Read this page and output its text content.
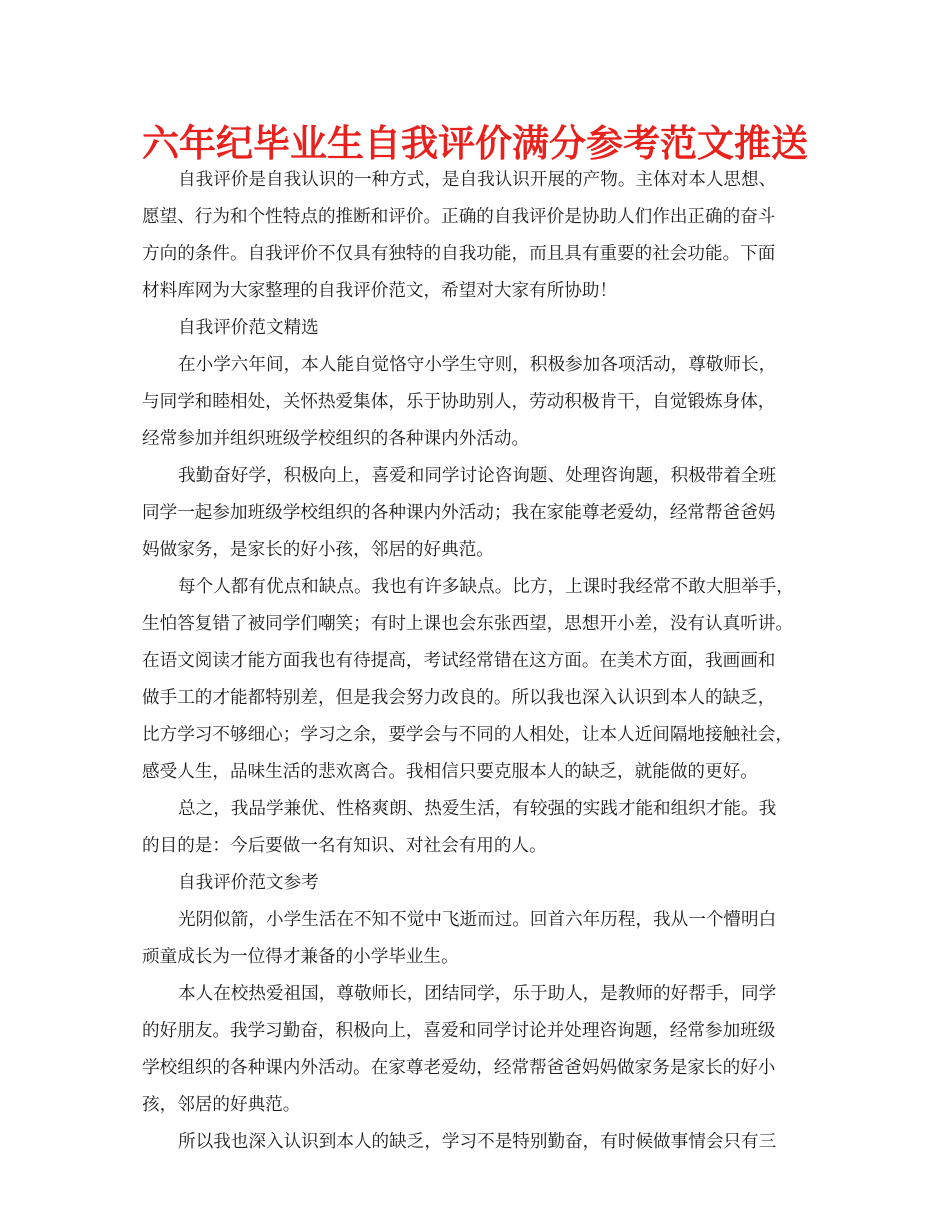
六年纪毕业生自我评价满分参考范文推送
自我评价是自我认识的一种方式，是自我认识开展的产物。主体对本人思想、
愿望、行为和个性特点的推断和评价。正确的自我评价是协助人们作出正确的奋斗
方向的条件。自我评价不仅具有独特的自我功能，而且具有重要的社会功能。下面
材料库网为大家整理的自我评价范文，希望对大家有所协助！
自我评价范文精选
在小学六年间，本人能自觉恪守小学生守则，积极参加各项活动，尊敬师长，
与同学和睦相处，关怀热爱集体，乐于协助别人，劳动积极肯干，自觉锻炼身体，
经常参加并组织班级学校组织的各种课内外活动。
我勤奋好学，积极向上，喜爱和同学讨论咨询题、处理咨询题，积极带着全班
同学一起参加班级学校组织的各种课内外活动；我在家能尊老爱幼，经常帮爸爸妈
妈做家务，是家长的好小孩，邻居的好典范。
每个人都有优点和缺点。我也有许多缺点。比方，上课时我经常不敢大胆举手，
生怕答复错了被同学们嘲笑；有时上课也会东张西望，思想开小差，没有认真听讲。
在语文阅读才能方面我也有待提高，考试经常错在这方面。在美术方面，我画画和
做手工的才能都特别差，但是我会努力改良的。所以我也深入认识到本人的缺乏，
比方学习不够细心；学习之余，要学会与不同的人相处，让本人近间隔地接触社会，
感受人生，品味生活的悲欢离合。我相信只要克服本人的缺乏，就能做的更好。
总之，我品学兼优、性格爽朗、热爱生活，有较强的实践才能和组织才能。我
的目的是：今后要做一名有知识、对社会有用的人。
自我评价范文参考
光阴似箭，小学生活在不知不觉中飞逝而过。回首六年历程，我从一个懵明白
顽童成长为一位得才兼备的小学毕业生。
本人在校热爱祖国，尊敬师长，团结同学，乐于助人，是教师的好帮手，同学
的好朋友。我学习勤奋，积极向上，喜爱和同学讨论并处理咨询题，经常参加班级
学校组织的各种课内外活动。在家尊老爱幼，经常帮爸爸妈妈做家务是家长的好小
孩，邻居的好典范。
所以我也深入认识到本人的缺乏，学习不是特别勤奋，有时候做事情会只有三
